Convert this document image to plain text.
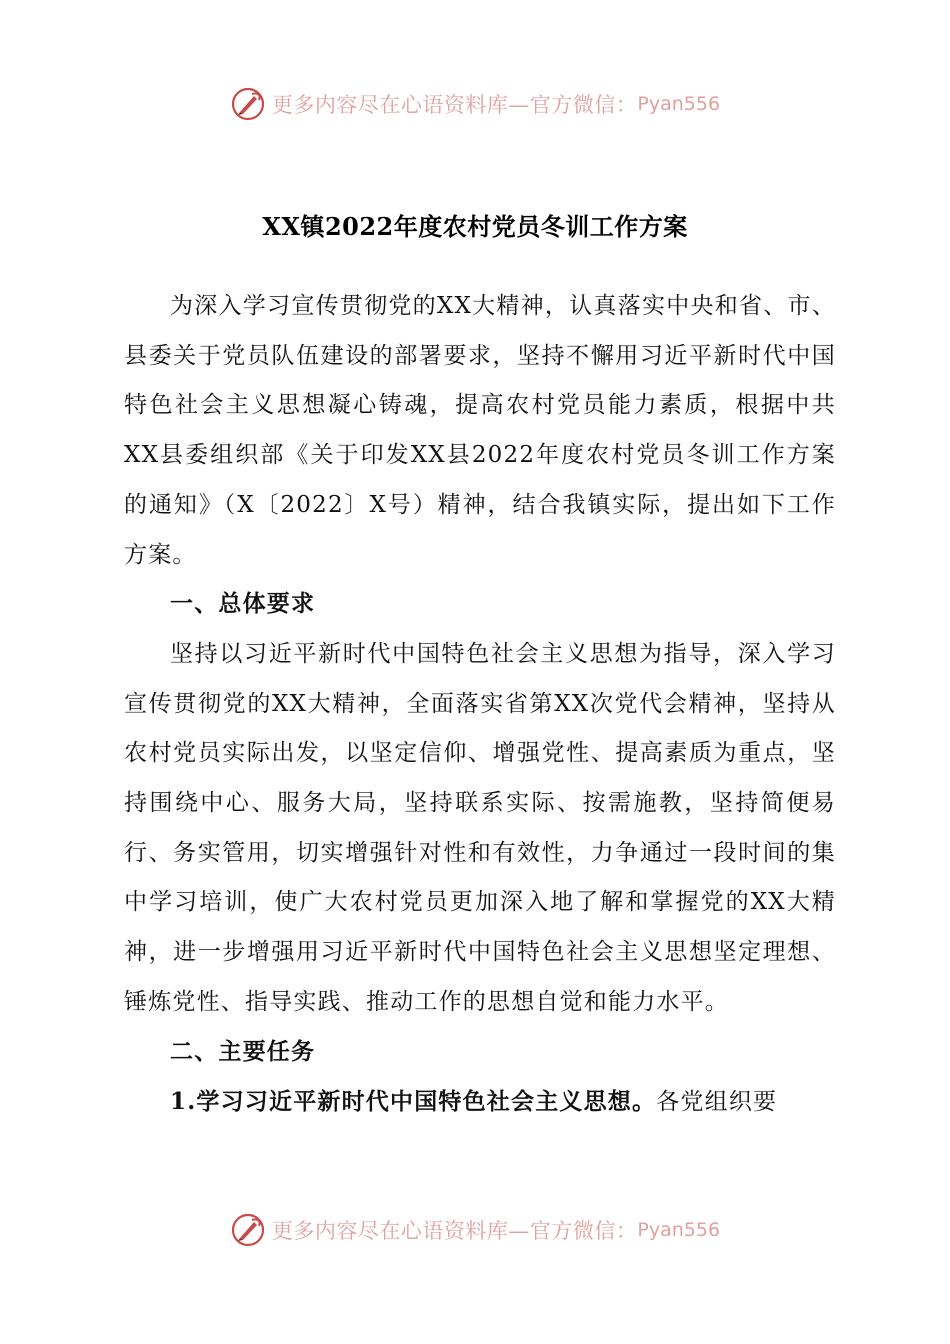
更多内容尽在心语资料库—官方微信： Pyan556
XX镇2022年度农村党员冬训工作方案

为深入学习宣传贯彻党的XX大精神，认真落实中央和省、市、县委关于党员队伍建设的部署要求，坚持不懈用习近平新时代中国特色社会主义思想凝心铸魂，提高农村党员能力素质，根据中共XX县委组织部《关于印发XX县2022年度农村党员冬训工作方案的通知》（X〔2022〕X号）精神，结合我镇实际，提出如下工作方案。

一、总体要求

坚持以习近平新时代中国特色社会主义思想为指导，深入学习宣传贯彻党的XX大精神，全面落实省第XX次党代会精神，坚持从农村党员实际出发，以坚定信仰、增强党性、提高素质为重点，坚持围绕中心、服务大局，坚持联系实际、按需施教，坚持简便易行、务实管用，切实增强针对性和有效性，力争通过一段时间的集中学习培训，使广大农村党员更加深入地了解和掌握党的XX大精神，进一步增强用习近平新时代中国特色社会主义思想坚定理想、锤炼党性、指导实践、推动工作的思想自觉和能力水平。

二、主要任务

1.学习习近平新时代中国特色社会主义思想。各党组织要

更多内容尽在心语资料库—官方微信： Pyan556
